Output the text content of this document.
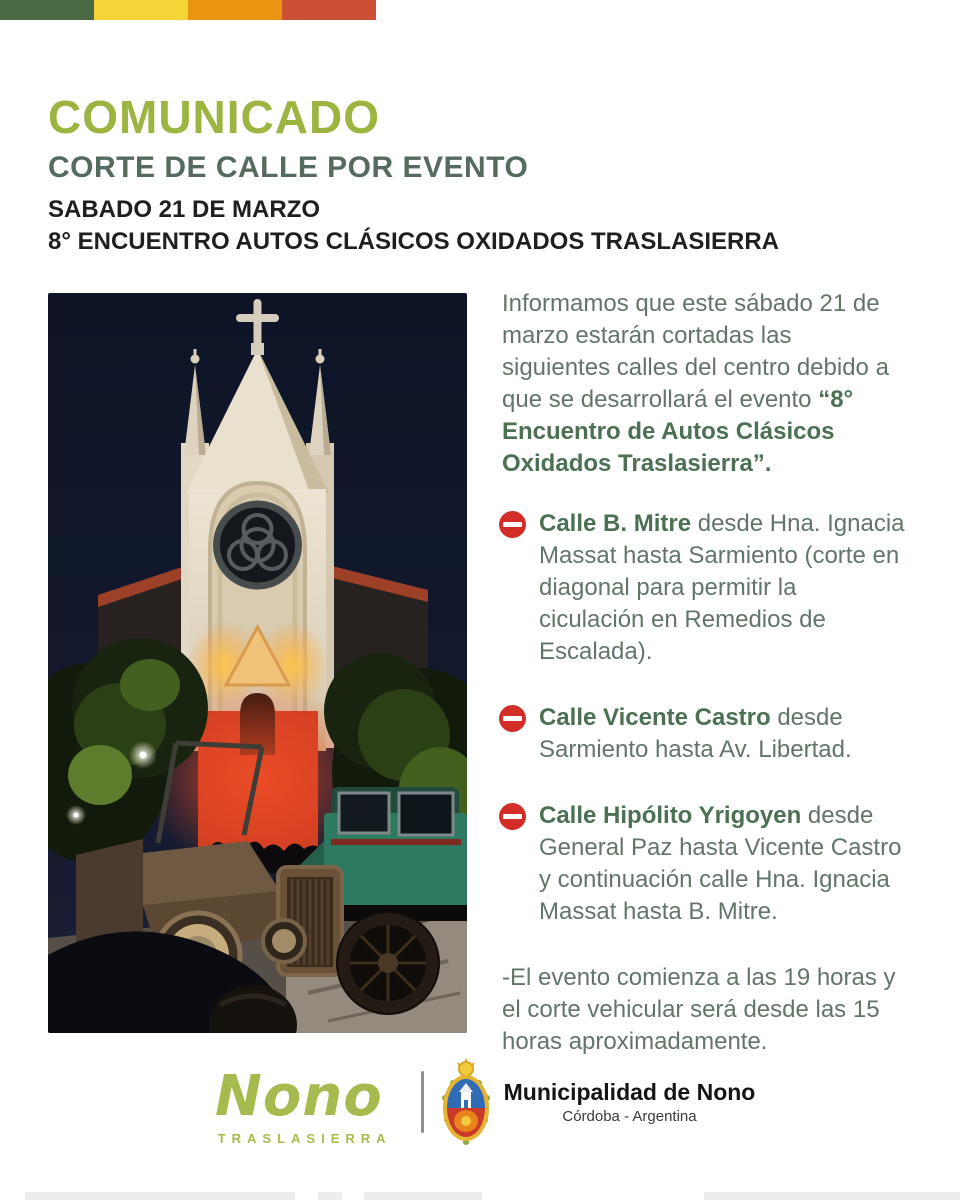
COMUNICADO
CORTE DE CALLE POR EVENTO
SABADO 21 DE MARZO
8° ENCUENTRO AUTOS CLÁSICOS OXIDADOS TRASLASIERRA

Informamos que este sábado 21 de marzo estarán cortadas las siguientes calles del centro debido a que se desarrollará el evento “8° Encuentro de Autos Clásicos Oxidados Traslasierra”.

Calle B. Mitre desde Hna. Ignacia Massat hasta Sarmiento (corte en diagonal para permitir la ciculación en Remedios de Escalada).
Calle Vicente Castro desde Sarmiento hasta Av. Libertad.
Calle Hipólito Yrigoyen desde General Paz hasta Vicente Castro y continuación calle Hna. Ignacia Massat hasta B. Mitre.

-El evento comienza a las 19 horas y el corte vehicular será desde las 15 horas aproximadamente.

Nono
TRASLASIERRA
Municipalidad de Nono
Córdoba - Argentina
